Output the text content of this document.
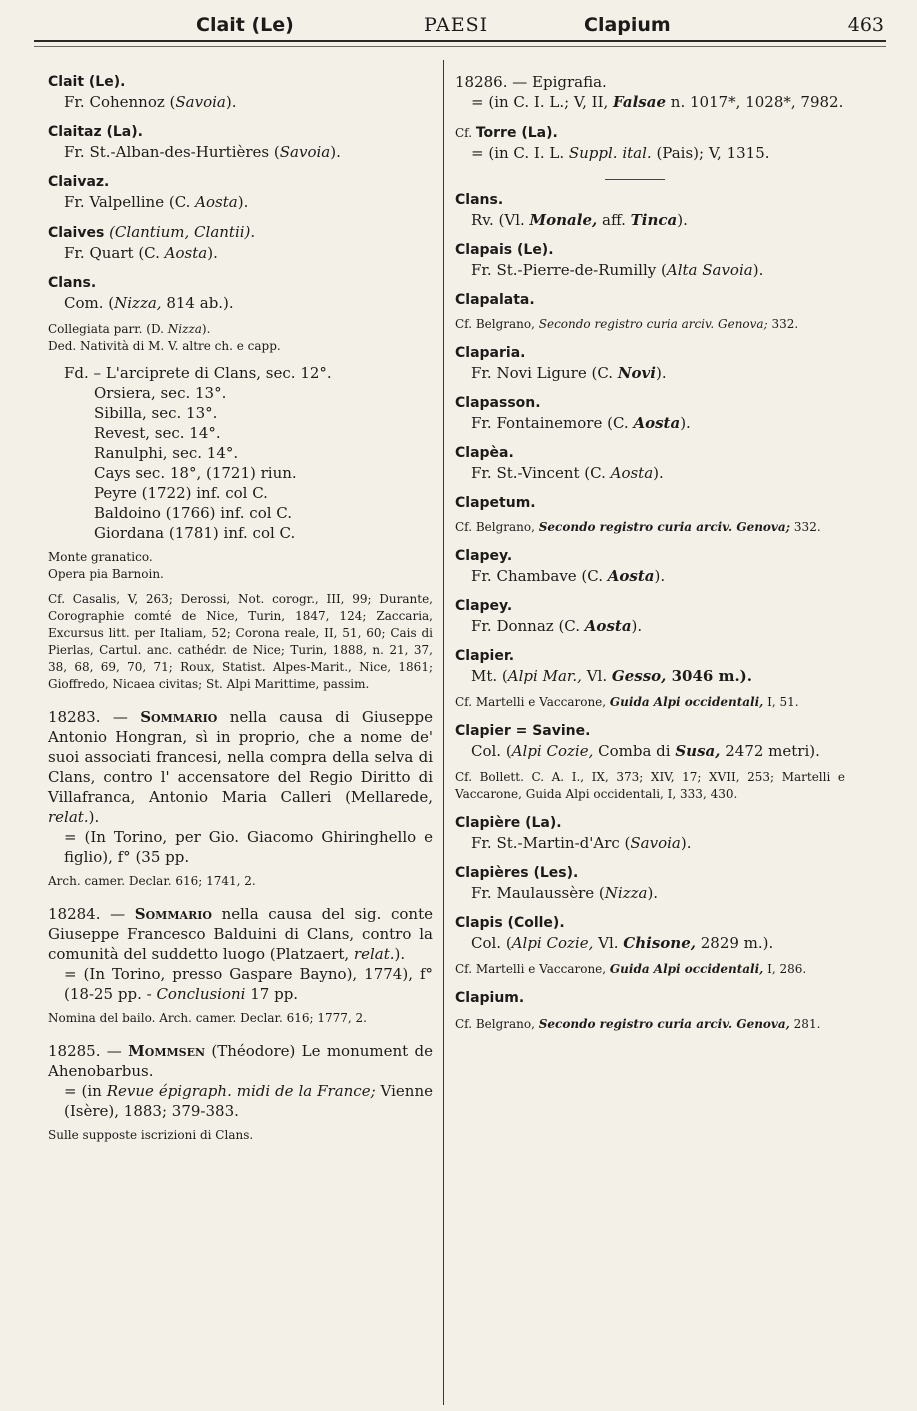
Clait (Le)	PAESI	Clapium	463
Clait (Le).
Fr. Cohennoz (Savoia).
Claitaz (La).
Fr. St.-Alban-des-Hurtières (Savoia).
Claivaz.
Fr. Valpelline (C. Aosta).
Claives (Clantium, Clantii).
Fr. Quart (C. Aosta).
Clans.
Com. (Nizza, 814 ab.).
Collegiata parr. (D. Nizza).
Ded. Natività di M. V. altre ch. e capp.
Fd. – L'arciprete di Clans, sec. 12°.
Orsiera, sec. 13°.
Sibilla, sec. 13°.
Revest, sec. 14°.
Ranulphi, sec. 14°.
Cays sec. 18°, (1721) riun.
Peyre (1722) inf. col C.
Baldoino (1766) inf. col C.
Giordana (1781) inf. col C.
Monte granatico.
Opera pia Barnoin.
Cf. Casalis, V, 263; Derossi, Not. corogr., III, 99; Durante, Corographie comté de Nice, Turin, 1847, 124; Zaccaria, Excursus litt. per Italiam, 52; Corona reale, II, 51, 60; Cais di Pierlas, Cartul. anc. cathédr. de Nice; Turin, 1888, n. 21, 37, 38, 68, 69, 70, 71; Roux, Statist. Alpes-Marit., Nice, 1861; Gioffredo, Nicaea civitas; St. Alpi Marittime, passim.
18283. — Sommario nella causa di Giuseppe Antonio Hongran, sì in proprio, che a nome de' suoi associati francesi, nella compra della selva di Clans, contro l' accensatore del Regio Diritto di Villafranca, Antonio Maria Calleri (Mellarede, relat.).
= (In Torino, per Gio. Giacomo Ghiringhello e figlio), f° (35 pp.
Arch. camer. Declar. 616; 1741, 2.
18284. — Sommario nella causa del sig. conte Giuseppe Francesco Balduini di Clans, contro la comunità del suddetto luogo (Platzaert, relat.).
= (In Torino, presso Gaspare Bayno), 1774), f° (18-25 pp. - Conclusioni 17 pp.
Nomina del bailo. Arch. camer. Declar. 616; 1777, 2.
18285. — Mommsen (Théodore) Le monument de Ahenobarbus.
= (in Revue épigraph. midi de la France; Vienne (Isère), 1883; 379-383.
Sulle supposte iscrizioni di Clans.
18286. — Epigrafia.
= (in C. I. L.; V, II, Falsae n. 1017*, 1028*, 7982.
Cf. Torre (La).
= (in C. I. L. Suppl. ital. (Pais); V, 1315.
Clans.
Rv. (Vl. Monale, aff. Tinca).
Clapais (Le).
Fr. St.-Pierre-de-Rumilly (Alta Savoia).
Clapalata.
Cf. Belgrano, Secondo registro curia arciv. Genova; 332.
Claparia.
Fr. Novi Ligure (C. Novi).
Clapasson.
Fr. Fontainemore (C. Aosta).
Clapèa.
Fr. St.-Vincent (C. Aosta).
Clapetum.
Cf. Belgrano, Secondo registro curia arciv. Genova; 332.
Clapey.
Fr. Chambave (C. Aosta).
Clapey.
Fr. Donnaz (C. Aosta).
Clapier.
Mt. (Alpi Mar., Vl. Gesso, 3046 m.).
Cf. Martelli e Vaccarone, Guida Alpi occidentali, I, 51.
Clapier = Savine.
Col. (Alpi Cozie, Comba di Susa, 2472 metri).
Cf. Bollett. C. A. I., IX, 373; XIV, 17; XVII, 253; Martelli e Vaccarone, Guida Alpi occidentali, I, 333, 430.
Clapière (La).
Fr. St.-Martin-d'Arc (Savoia).
Clapières (Les).
Fr. Maulaussère (Nizza).
Clapis (Colle).
Col. (Alpi Cozie, Vl. Chisone, 2829 m.).
Cf. Martelli e Vaccarone, Guida Alpi occidentali, I, 286.
Clapium.
Cf. Belgrano, Secondo registro curia arciv. Genova, 281.
